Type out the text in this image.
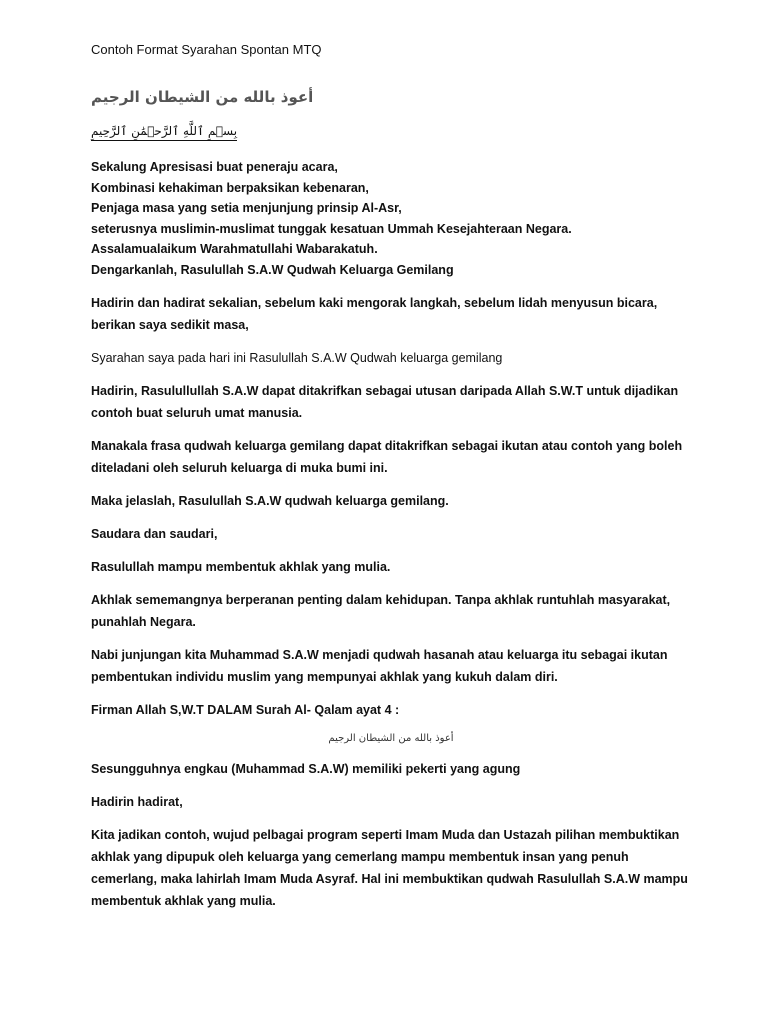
Contoh Format Syarahan Spontan MTQ
أعوذ بالله من الشيطان الرجيم
بِسۡمِ ٱللَّهِ ٱلرَّحۡمَٰنِ ٱلرَّحِيمِ
Sekalung Apresisasi buat peneraju acara,
Kombinasi kehakiman berpaksikan kebenaran,
Penjaga masa yang setia menjunjung prinsip Al-Asr,
seterusnya muslimin-muslimat tunggak kesatuan Ummah Kesejahteraan Negara.
Assalamualaikum Warahmatullahi Wabarakatuh.
Dengarkanlah, Rasulullah S.A.W Qudwah Keluarga Gemilang

Hadirin dan hadirat sekalian, sebelum kaki mengorak langkah, sebelum lidah menyusun bicara, berikan saya sedikit masa,

Syarahan saya pada hari ini Rasulullah S.A.W Qudwah keluarga gemilang

Hadirin, Rasulullullah S.A.W dapat ditakrifkan sebagai utusan daripada Allah S.W.T untuk dijadikan contoh buat seluruh umat manusia.

Manakala frasa qudwah keluarga gemilang dapat ditakrifkan sebagai ikutan atau contoh yang boleh diteladani oleh seluruh keluarga di muka bumi ini.

Maka jelaslah, Rasulullah S.A.W qudwah keluarga gemilang.

Saudara dan saudari,

Rasulullah mampu membentuk akhlak yang mulia.

Akhlak sememangnya berperanan penting dalam kehidupan. Tanpa akhlak runtuhlah masyarakat, punahlah Negara.

Nabi junjungan kita Muhammad S.A.W menjadi qudwah hasanah atau keluarga itu sebagai ikutan pembentukan individu muslim yang mempunyai akhlak yang kukuh dalam diri.

Firman Allah S,W.T DALAM Surah Al- Qalam ayat 4 :

أعوذ بالله من الشيطان الرجيم

Sesungguhnya engkau (Muhammad S.A.W) memiliki pekerti yang agung

Hadirin hadirat,

Kita jadikan contoh, wujud pelbagai program seperti Imam Muda dan Ustazah pilihan membuktikan akhlak yang dipupuk oleh keluarga yang cemerlang mampu membentuk insan yang penuh cemerlang, maka lahirlah Imam Muda Asyraf. Hal ini membuktikan qudwah Rasulullah S.A.W mampu membentuk akhlak yang mulia.
